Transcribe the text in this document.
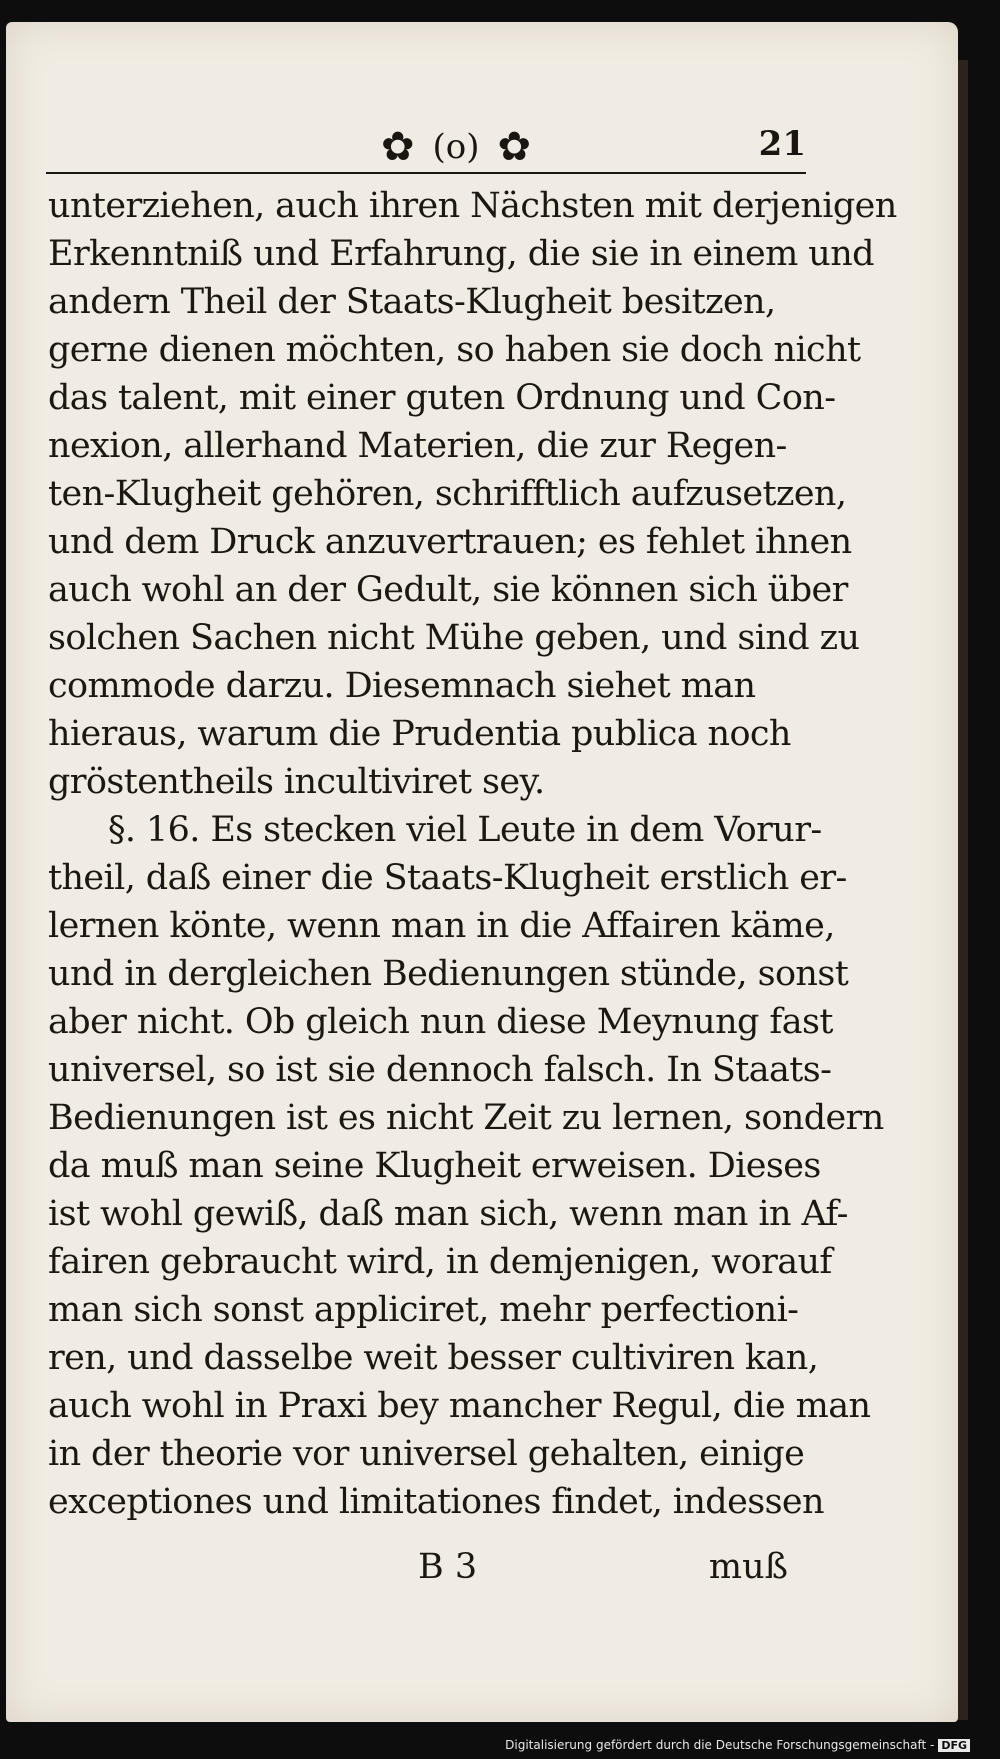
✿ (o) ✿	21
unterziehen, auch ihren Nächsten mit derjenigen
Erkenntniß und Erfahrung, die sie in einem und
andern Theil der Staats-Klugheit besitzen,
gerne dienen möchten, so haben sie doch nicht
das talent, mit einer guten Ordnung und Con-
nexion, allerhand Materien, die zur Regen-
ten-Klugheit gehören, schrifftlich aufzusetzen,
und dem Druck anzuvertrauen; es fehlet ihnen
auch wohl an der Gedult, sie können sich über
solchen Sachen nicht Mühe geben, und sind zu
commode darzu. Diesemnach siehet man
hieraus, warum die Prudentia publica noch
gröstentheils incultiviret sey.
§. 16. Es stecken viel Leute in dem Vorur-
theil, daß einer die Staats-Klugheit erstlich er-
lernen könte, wenn man in die Affairen käme,
und in dergleichen Bedienungen stünde, sonst
aber nicht. Ob gleich nun diese Meynung fast
universel, so ist sie dennoch falsch. In Staats-
Bedienungen ist es nicht Zeit zu lernen, sondern
da muß man seine Klugheit erweisen. Dieses
ist wohl gewiß, daß man sich, wenn man in Af-
fairen gebraucht wird, in demjenigen, worauf
man sich sonst appliciret, mehr perfectioni-
ren, und dasselbe weit besser cultiviren kan,
auch wohl in Praxi bey mancher Regul, die man
in der theorie vor universel gehalten, einige
exceptiones und limitationes findet, indessen
B 3	muß
Digitalisierung gefördert durch die Deutsche Forschungsgemeinschaft - DFG
